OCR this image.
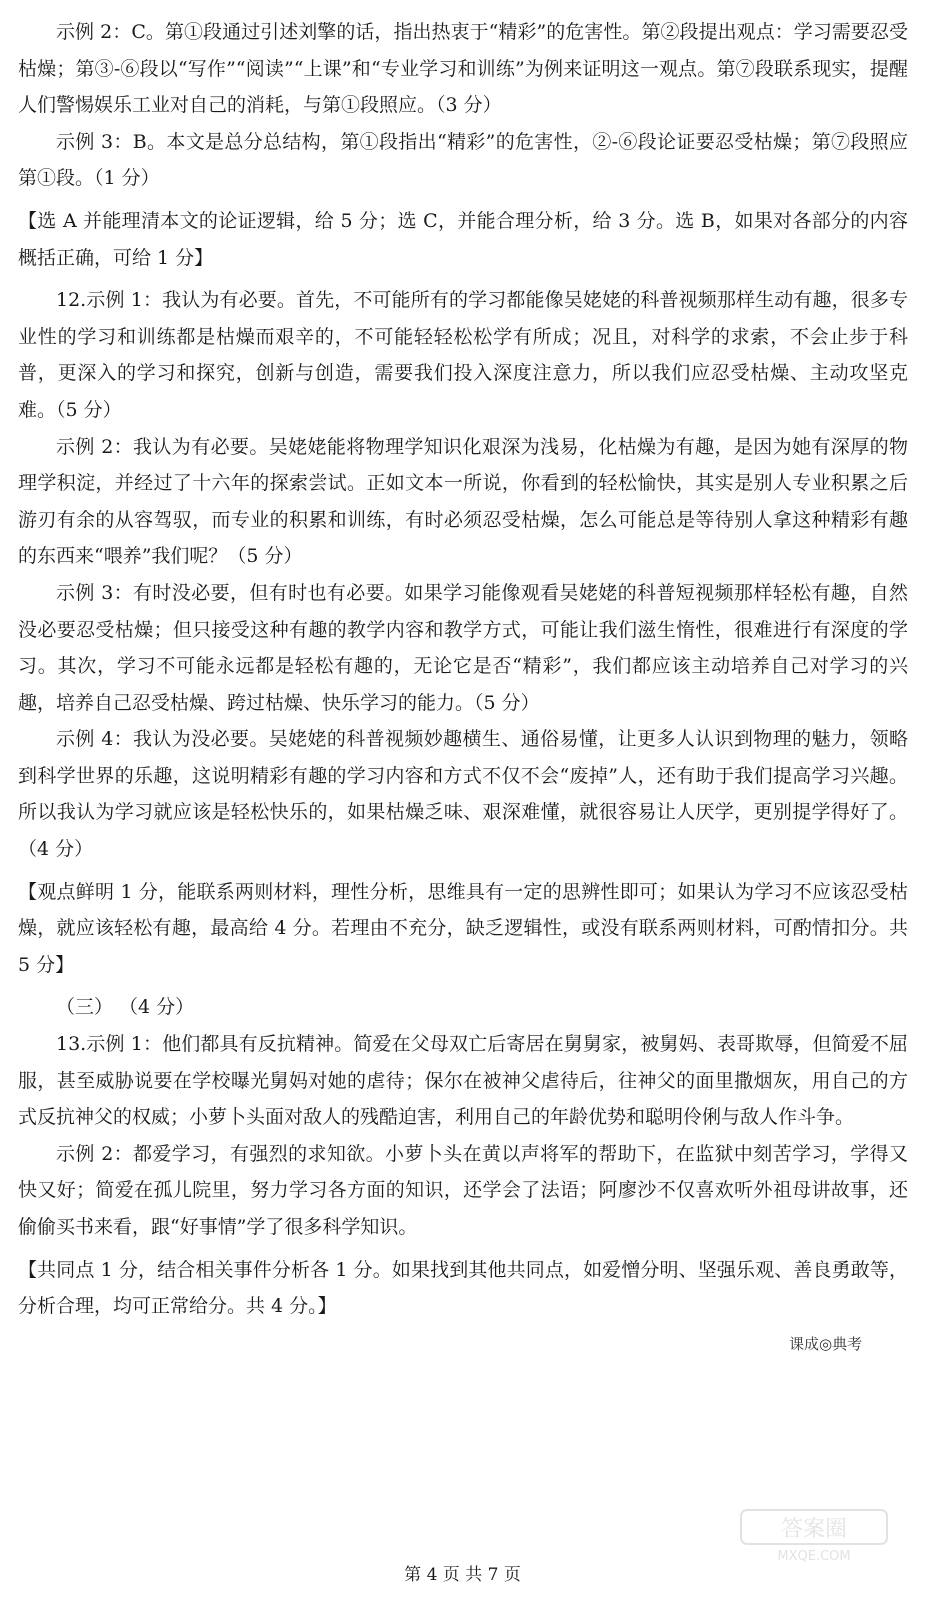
示例 2：C。第①段通过引述刘擎的话，指出热衷于“精彩”的危害性。第②段提出观点：学习需要忍受枯燥；第③-⑥段以“写作”“阅读”“上课”和“专业学习和训练”为例来证明这一观点。第⑦段联系现实，提醒人们警惕娱乐工业对自己的消耗，与第①段照应。（3 分）

示例 3：B。本文是总分总结构，第①段指出“精彩”的危害性，②-⑥段论证要忍受枯燥；第⑦段照应第①段。（1 分）

【选 A 并能理清本文的论证逻辑，给 5 分；选 C，并能合理分析，给 3 分。选 B，如果对各部分的内容概括正确，可给 1 分】

12.示例 1：我认为有必要。首先，不可能所有的学习都能像吴姥姥的科普视频那样生动有趣，很多专业性的学习和训练都是枯燥而艰辛的，不可能轻轻松松学有所成；况且，对科学的求索，不会止步于科普，更深入的学习和探究，创新与创造，需要我们投入深度注意力，所以我们应忍受枯燥、主动攻坚克难。（5 分）

示例 2：我认为有必要。吴姥姥能将物理学知识化艰深为浅易，化枯燥为有趣，是因为她有深厚的物理学积淀，并经过了十六年的探索尝试。正如文本一所说，你看到的轻松愉快，其实是别人专业积累之后游刃有余的从容驾驭，而专业的积累和训练，有时必须忍受枯燥，怎么可能总是等待别人拿这种精彩有趣的东西来“喂养”我们呢？（5 分）

示例 3：有时没必要，但有时也有必要。如果学习能像观看吴姥姥的科普短视频那样轻松有趣，自然没必要忍受枯燥；但只接受这种有趣的教学内容和教学方式，可能让我们滋生惰性，很难进行有深度的学习。其次，学习不可能永远都是轻松有趣的，无论它是否“精彩”，我们都应该主动培养自己对学习的兴趣，培养自己忍受枯燥、跨过枯燥、快乐学习的能力。（5 分）

示例 4：我认为没必要。吴姥姥的科普视频妙趣横生、通俗易懂，让更多人认识到物理的魅力，领略到科学世界的乐趣，这说明精彩有趣的学习内容和方式不仅不会“废掉”人，还有助于我们提高学习兴趣。所以我认为学习就应该是轻松快乐的，如果枯燥乏味、艰深难懂，就很容易让人厌学，更别提学得好了。（4 分）

【观点鲜明 1 分，能联系两则材料，理性分析，思维具有一定的思辨性即可；如果认为学习不应该忍受枯燥，就应该轻松有趣，最高给 4 分。若理由不充分，缺乏逻辑性，或没有联系两则材料，可酌情扣分。共 5 分】

（三） （4 分）

13.示例 1：他们都具有反抗精神。简爱在父母双亡后寄居在舅舅家，被舅妈、表哥欺辱，但简爱不屈服，甚至威胁说要在学校曝光舅妈对她的虐待；保尔在被神父虐待后，往神父的面里撒烟灰，用自己的方式反抗神父的权威；小萝卜头面对敌人的残酷迫害，利用自己的年龄优势和聪明伶俐与敌人作斗争。

示例 2：都爱学习，有强烈的求知欲。小萝卜头在黄以声将军的帮助下，在监狱中刻苦学习，学得又快又好；简爱在孤儿院里，努力学习各方面的知识，还学会了法语；阿廖沙不仅喜欢听外祖母讲故事，还偷偷买书来看，跟“好事情”学了很多科学知识。

【共同点 1 分，结合相关事件分析各 1 分。如果找到其他共同点，如爱憎分明、坚强乐观、善良勇敢等，分析合理，均可正常给分。共 4 分。】

课成◎典考
答案圈
MXQE.COM
第 4 页 共 7 页
